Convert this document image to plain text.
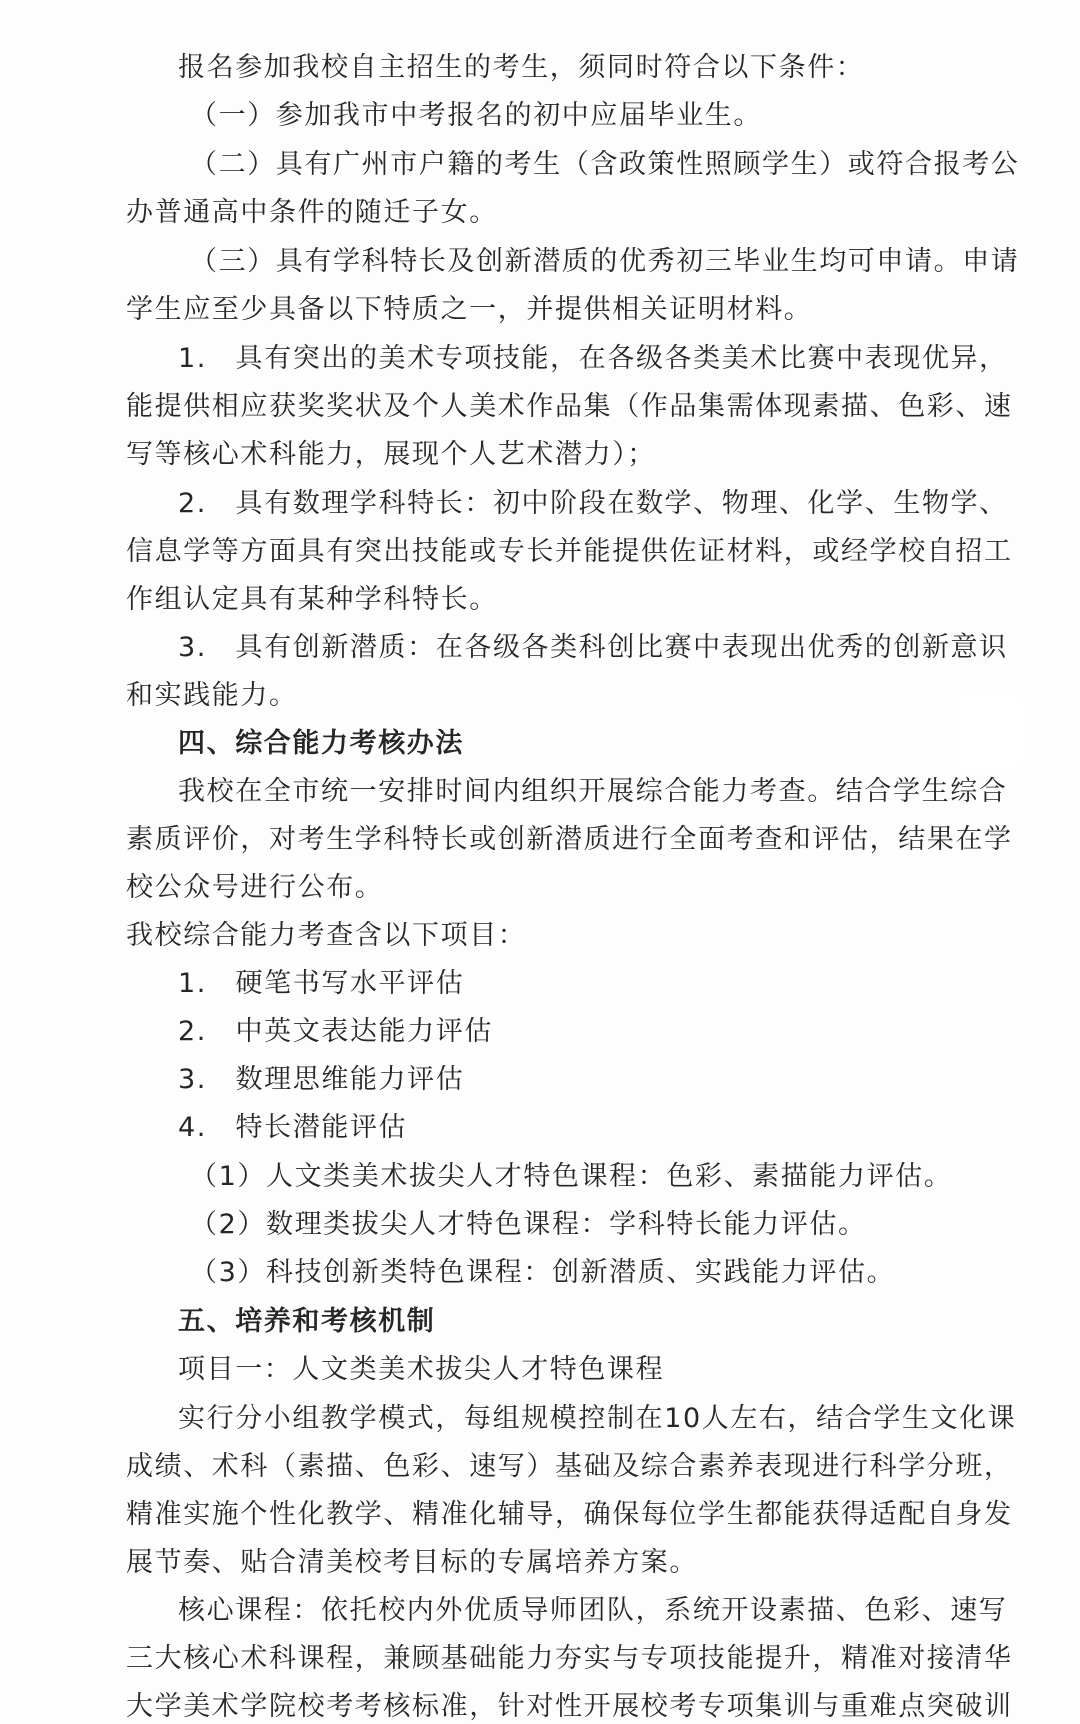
报名参加我校自主招生的考生，须同时符合以下条件：
（一）参加我市中考报名的初中应届毕业生。
（二）具有广州市户籍的考生（含政策性照顾学生）或符合报考公
办普通高中条件的随迁子女。
（三）具有学科特长及创新潜质的优秀初三毕业生均可申请。申请
学生应至少具备以下特质之一，并提供相关证明材料。
1.　具有突出的美术专项技能，在各级各类美术比赛中表现优异，
能提供相应获奖奖状及个人美术作品集（作品集需体现素描、色彩、速
写等核心术科能力，展现个人艺术潜力）；
2.　具有数理学科特长：初中阶段在数学、物理、化学、生物学、
信息学等方面具有突出技能或专长并能提供佐证材料，或经学校自招工
作组认定具有某种学科特长。
3.　具有创新潜质：在各级各类科创比赛中表现出优秀的创新意识
和实践能力。
四、综合能力考核办法
我校在全市统一安排时间内组织开展综合能力考查。结合学生综合
素质评价，对考生学科特长或创新潜质进行全面考查和评估，结果在学
校公众号进行公布。
我校综合能力考查含以下项目：
1.　硬笔书写水平评估
2.　中英文表达能力评估
3.　数理思维能力评估
4.　特长潜能评估
（1）人文类美术拔尖人才特色课程：色彩、素描能力评估。
（2）数理类拔尖人才特色课程：学科特长能力评估。
（3）科技创新类特色课程：创新潜质、实践能力评估。
五、培养和考核机制
项目一：人文类美术拔尖人才特色课程
实行分小组教学模式，每组规模控制在10人左右，结合学生文化课
成绩、术科（素描、色彩、速写）基础及综合素养表现进行科学分班，
精准实施个性化教学、精准化辅导，确保每位学生都能获得适配自身发
展节奏、贴合清美校考目标的专属培养方案。
核心课程：依托校内外优质导师团队，系统开设素描、色彩、速写
三大核心术科课程，兼顾基础能力夯实与专项技能提升，精准对接清华
大学美术学院校考考核标准，针对性开展校考专项集训与重难点突破训
